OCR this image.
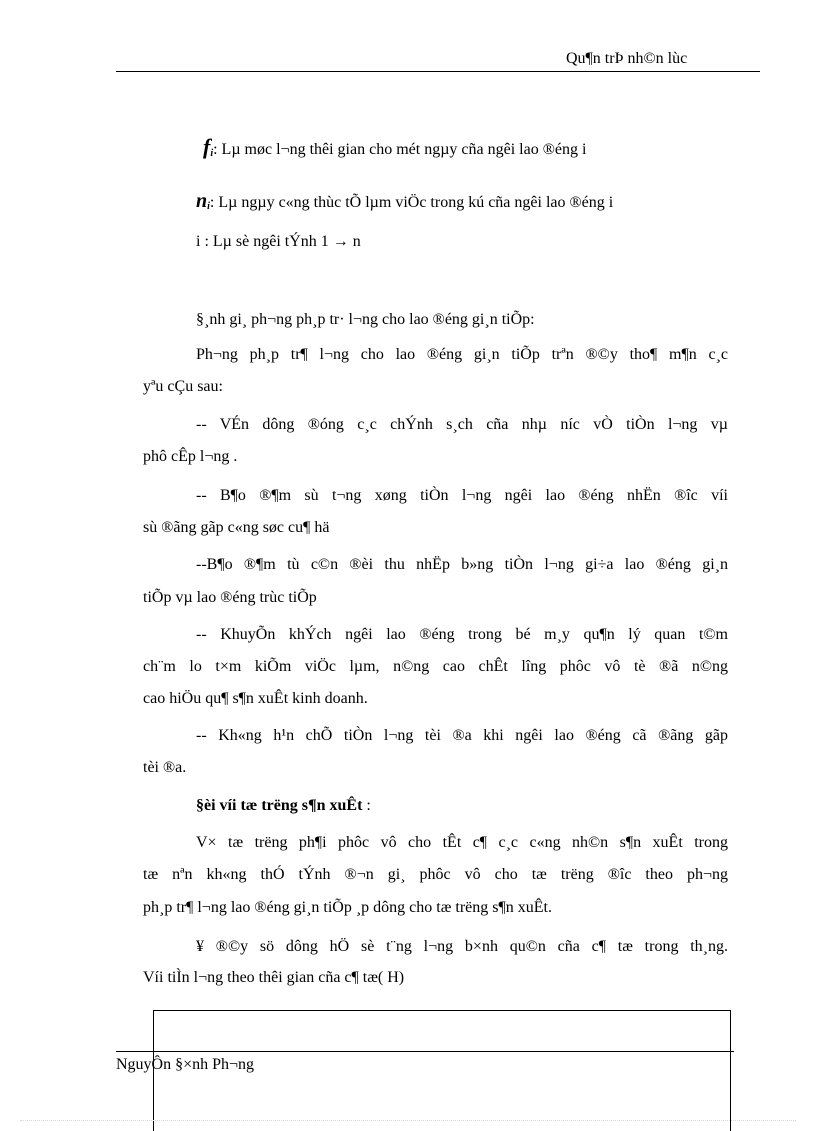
Qu¶n trÞ nh©n lùc
$f_i$: Lµ møc l¬ng thêi gian cho mét ngµy cña ngêi lao ®éng i
$n_i$: Lµ ngµy c«ng thùc tÕ lµm viÖc trong kú cña ngêi lao ®éng i
i : Lµ sè ngêi tÝnh 1 → n
§¸nh gi¸ ph¬ng ph¸p tr· l¬ng cho lao ®éng gi¸n tiÕp:
Ph¬ng ph¸p tr¶ l¬ng cho lao ®éng gi¸n tiÕp trªn ®©y tho¶ m¶n c¸c
yªu cÇu sau:
-- VÉn dông ®óng c¸c chÝnh s¸ch cña nhµ níc vÒ tiÒn l¬ng vµ
phô cÊp l¬ng .
-- B¶o ®¶m sù t¬ng xøng tiÒn l¬ng ngêi lao ®éng nhËn ®îc víi
sù ®ãng gãp c«ng søc cu¶ hä
--B¶o ®¶m tù c©n ®èi thu nhËp b»ng tiÒn l¬ng gi÷a lao ®éng gi¸n
tiÕp vµ lao ®éng trùc tiÕp
-- KhuyÕn khÝch ngêi lao ®éng trong bé m¸y qu¶n lý quan t©m
ch¨m lo t×m kiÕm viÖc lµm, n©ng cao chÊt lîng phôc vô tè ®ã n©ng
cao hiÖu qu¶ s¶n xuÊt kinh doanh.
-- Kh«ng h¹n chÕ tiÒn l¬ng tèi ®a khi ngêi lao ®éng cã ®ãng gãp
tèi ®a.
§èi víi tæ trëng s¶n xuÊt :
V× tæ trëng ph¶i phôc vô cho tÊt c¶ c¸c c«ng nh©n s¶n xuÊt trong
tæ nªn kh«ng thÓ tÝnh ®¬n gi¸ phôc vô cho tæ trëng ®îc theo ph¬ng
ph¸p tr¶ l¬ng lao ®éng gi¸n tiÕp ¸p dông cho tæ trëng s¶n xuÊt.
¥ ®©y sö dông hÖ sè t¨ng l¬ng b×nh qu©n cña c¶ tæ trong th¸ng.
Víi tiÌn l¬ng theo thêi gian cña c¶ tæ( H)
NguyÔn §×nh Ph¬ng
